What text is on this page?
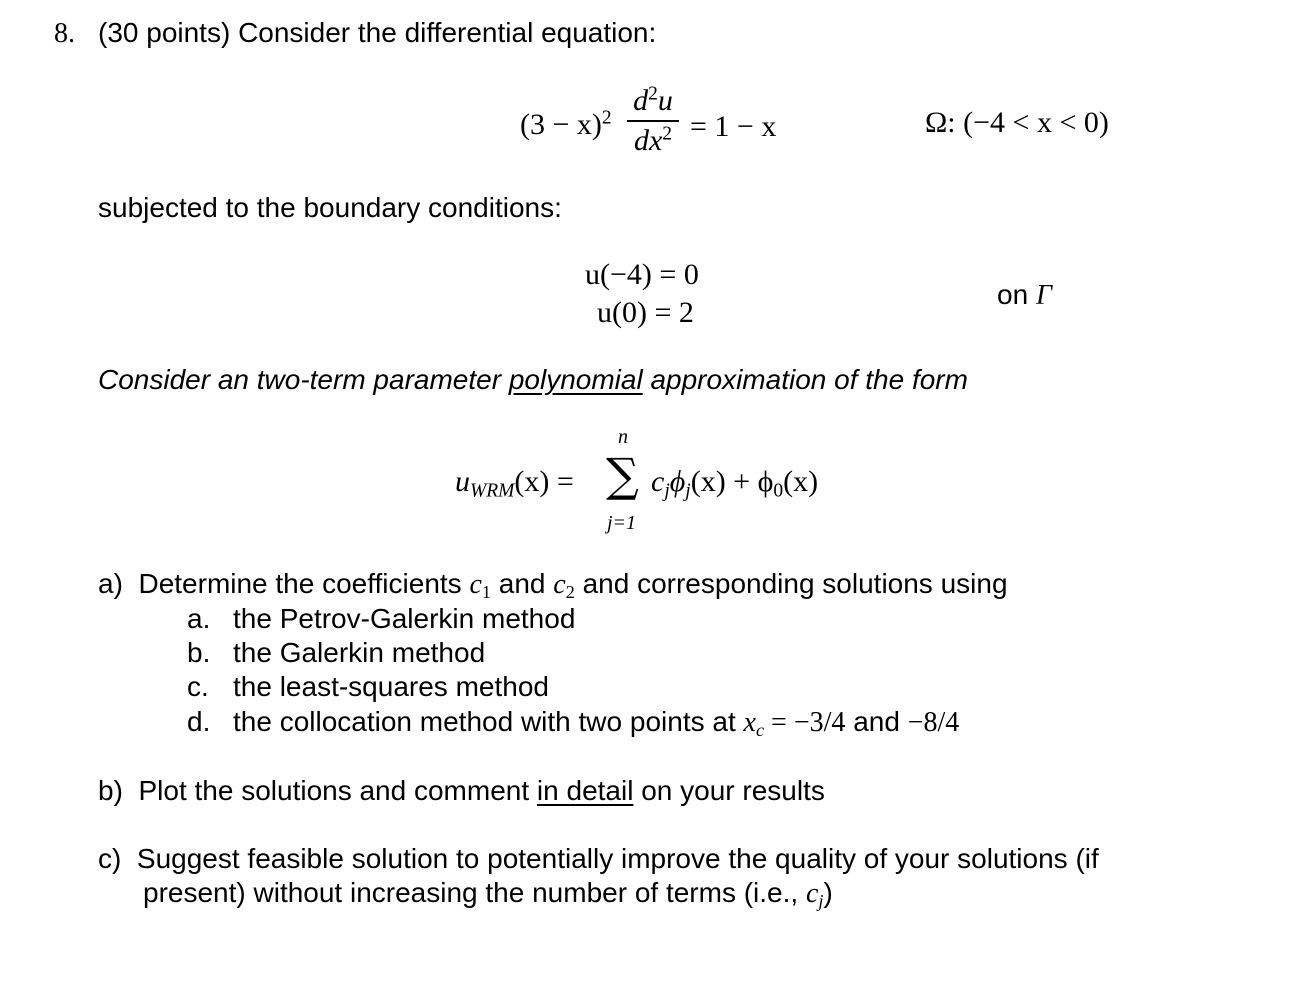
8. (30 points) Consider the differential equation:
$(3 - x)^2$
$d^2u$
$dx^2 = 1 - x$	Ω: (−4 < x < 0)
subjected to the boundary conditions:
u(−4) = 0
u(0) = 2
on Γ
Consider an two-term parameter polynomial approximation of the form
$u_{WRM}(x)$ =
n
∑
j=1
$c_j\phi_j(x) + \phi_0(x)$
a) Determine the coefficients $c_1$ and $c_2$ and corresponding solutions using
a. the Petrov-Galerkin method
b. the Galerkin method
c. the least-squares method
d. the collocation method with two points at $x_c = -3/4$ and −8/4
b) Plot the solutions and comment in detail on your results
c) Suggest feasible solution to potentially improve the quality of your solutions (if
present) without increasing the number of terms (i.e., $c_j$)
